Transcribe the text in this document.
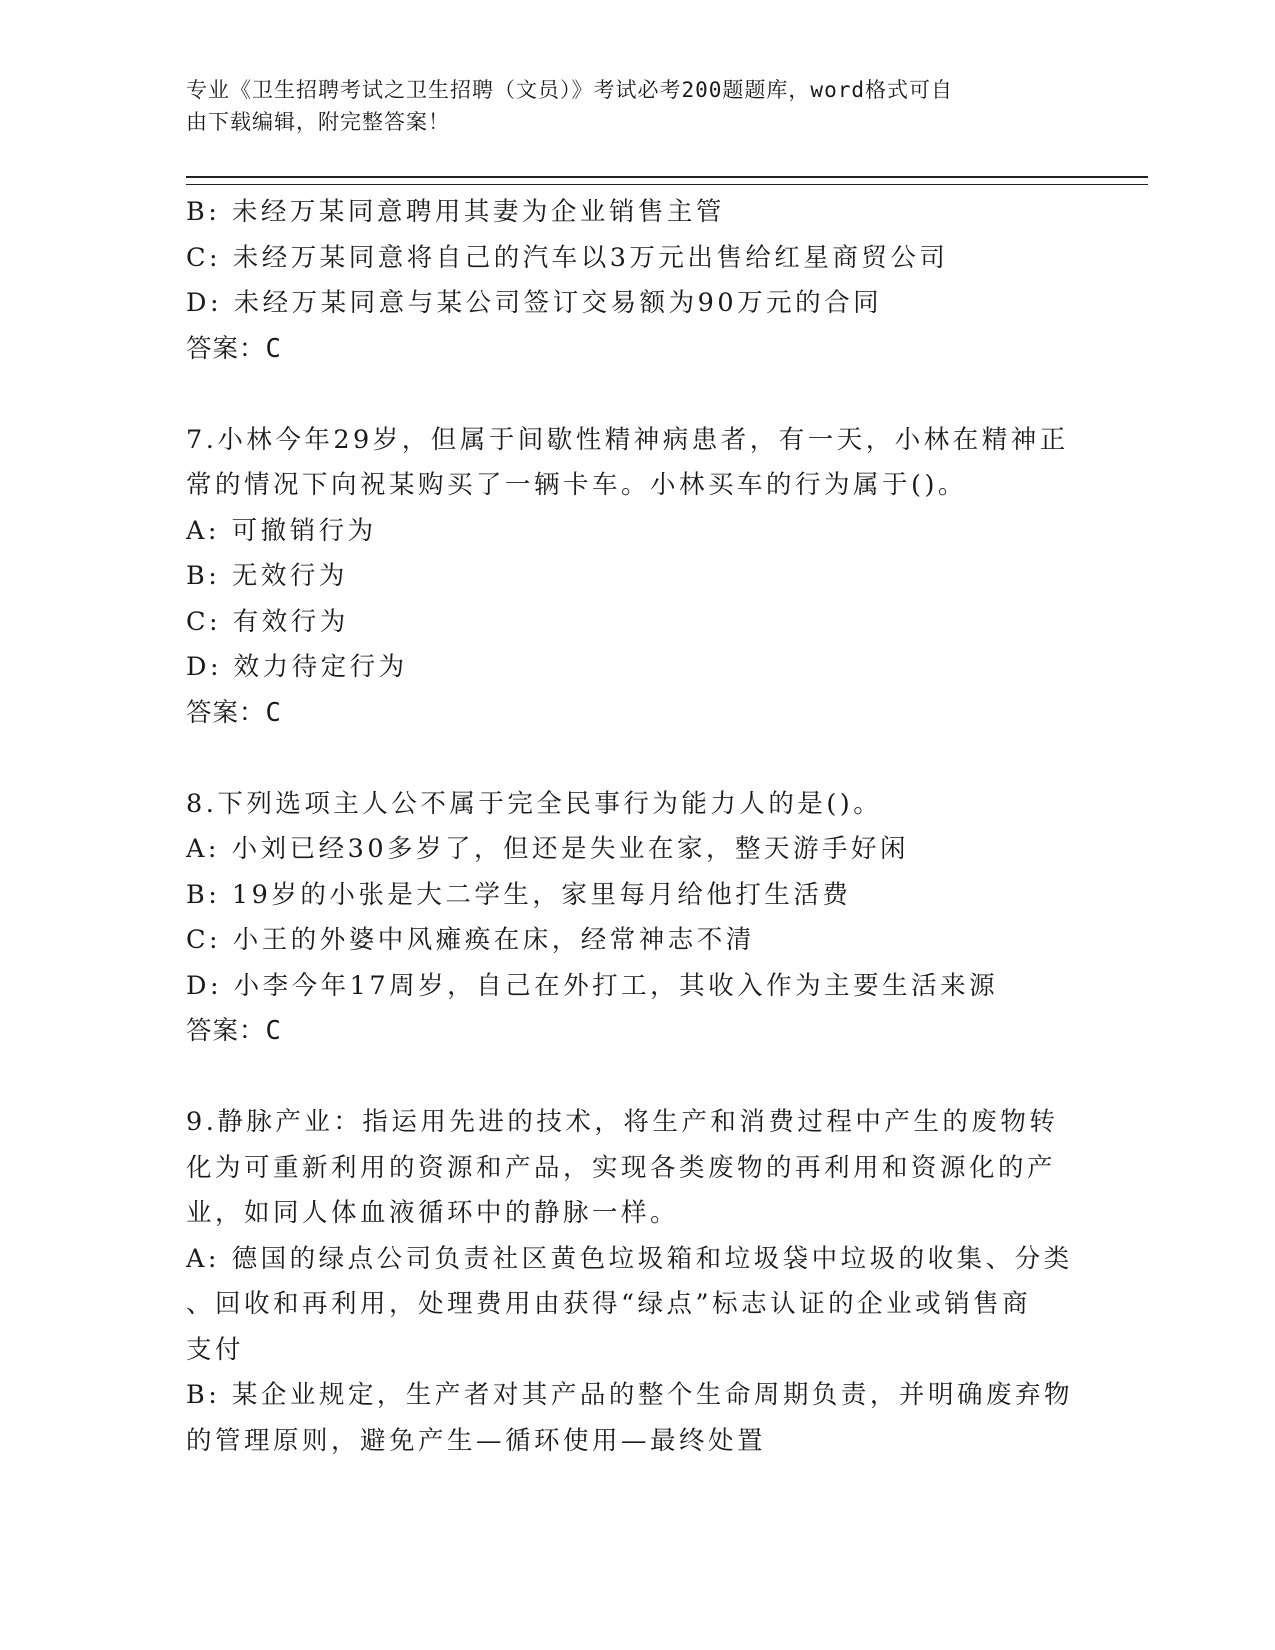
专业《卫生招聘考试之卫生招聘（文员）》考试必考200题题库，word格式可自
由下载编辑，附完整答案！
B: 未经万某同意聘用其妻为企业销售主管
C: 未经万某同意将自己的汽车以3万元出售给红星商贸公司
D: 未经万某同意与某公司签订交易额为90万元的合同
答案：C
7.小林今年29岁，但属于间歇性精神病患者，有一天，小林在精神正
常的情况下向祝某购买了一辆卡车。小林买车的行为属于()。
A: 可撤销行为
B: 无效行为
C: 有效行为
D: 效力待定行为
答案：C
8.下列选项主人公不属于完全民事行为能力人的是()。
A: 小刘已经30多岁了，但还是失业在家，整天游手好闲
B: 19岁的小张是大二学生，家里每月给他打生活费
C: 小王的外婆中风瘫痪在床，经常神志不清
D: 小李今年17周岁，自己在外打工，其收入作为主要生活来源
答案：C
9.静脉产业：指运用先进的技术，将生产和消费过程中产生的废物转
化为可重新利用的资源和产品，实现各类废物的再利用和资源化的产
业，如同人体血液循环中的静脉一样。
A: 德国的绿点公司负责社区黄色垃圾箱和垃圾袋中垃圾的收集、分类
、回收和再利用，处理费用由获得“绿点”标志认证的企业或销售商
支付
B: 某企业规定，生产者对其产品的整个生命周期负责，并明确废弃物
的管理原则，避免产生—循环使用—最终处置
